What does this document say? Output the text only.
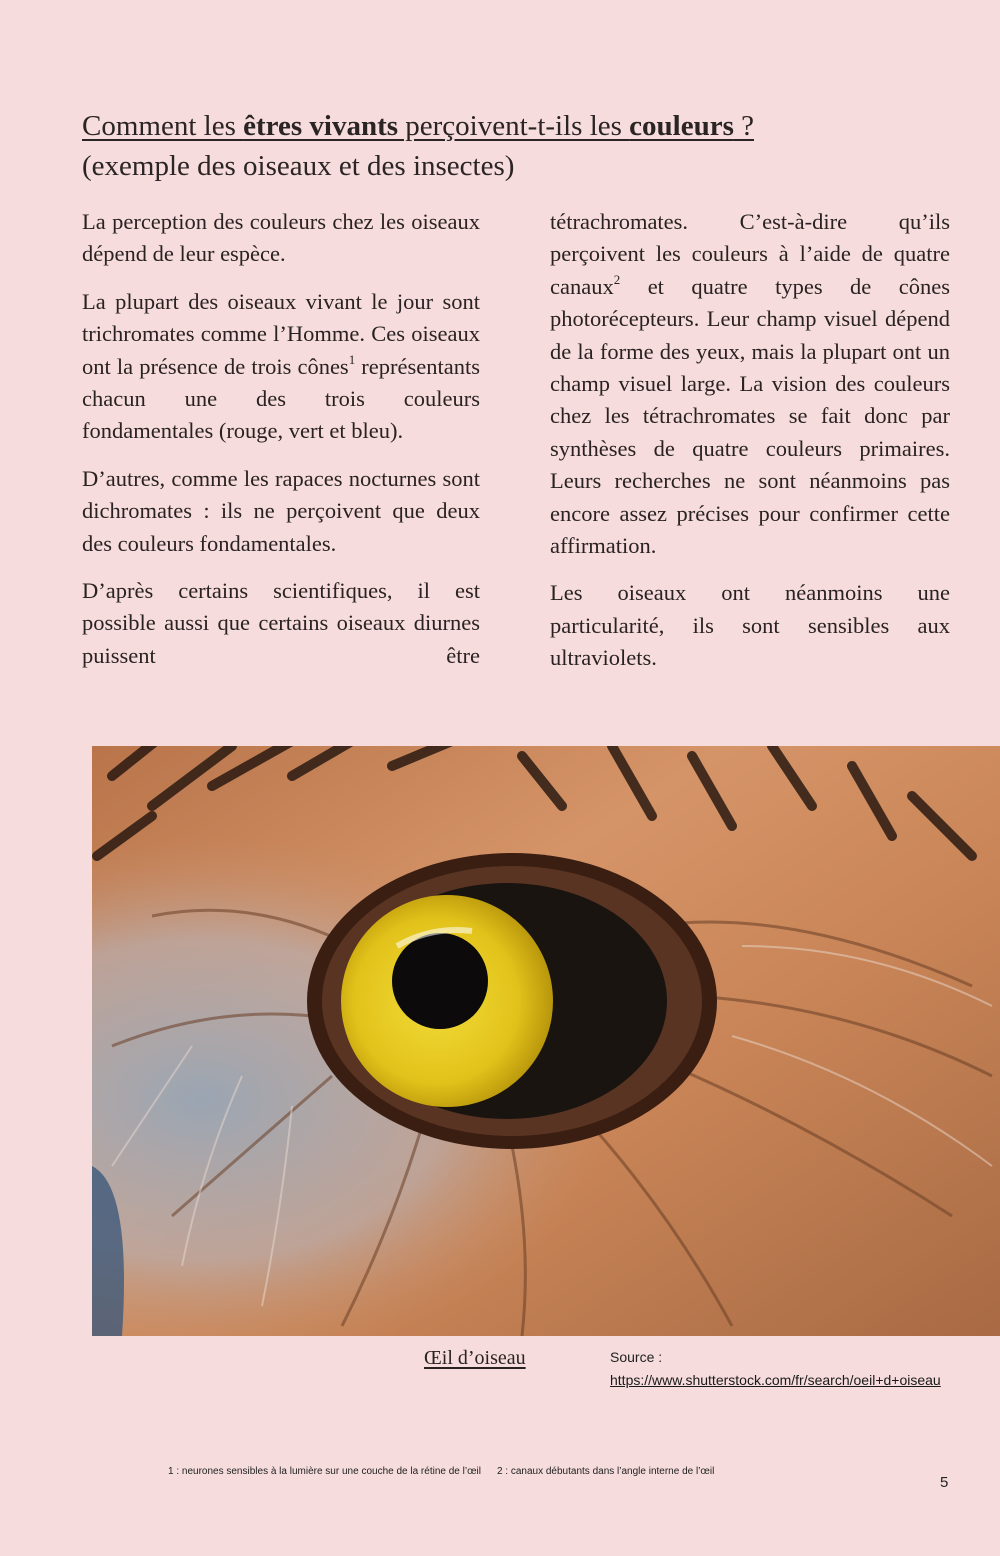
Comment les êtres vivants perçoivent-t-ils les couleurs ?
(exemple des oiseaux et des insectes)

La perception des couleurs chez les oiseaux dépend de leur espèce.

La plupart des oiseaux vivant le jour sont trichromates comme l’Homme. Ces oiseaux ont la présence de trois cônes$^1$ représentants chacun une des trois couleurs fondamentales (rouge, vert et bleu).

D’autres, comme les rapaces nocturnes sont dichromates : ils ne perçoivent que deux des couleurs fondamentales.

D’après certains scientifiques, il est possible aussi que certains oiseaux diurnes puissent être

tétrachromates. C’est-à-dire qu’ils perçoivent les couleurs à l’aide de quatre canaux$^2$ et quatre types de cônes photorécepteurs. Leur champ visuel dépend de la forme des yeux, mais la plupart ont un champ visuel large. La vision des couleurs chez les tétrachromates se fait donc par synthèses de quatre couleurs primaires. Leurs recherches ne sont néanmoins pas encore assez précises pour confirmer cette affirmation.

Les oiseaux ont néanmoins une particularité, ils sont sensibles aux ultraviolets.

Œil d’oiseau	Source :
https://www.shutterstock.com/fr/search/oeil+d+oiseau
1 : neurones sensibles à la lumière sur une couche de la rétine de l’œil 2 : canaux débutants dans l’angle interne de l’œil
5
